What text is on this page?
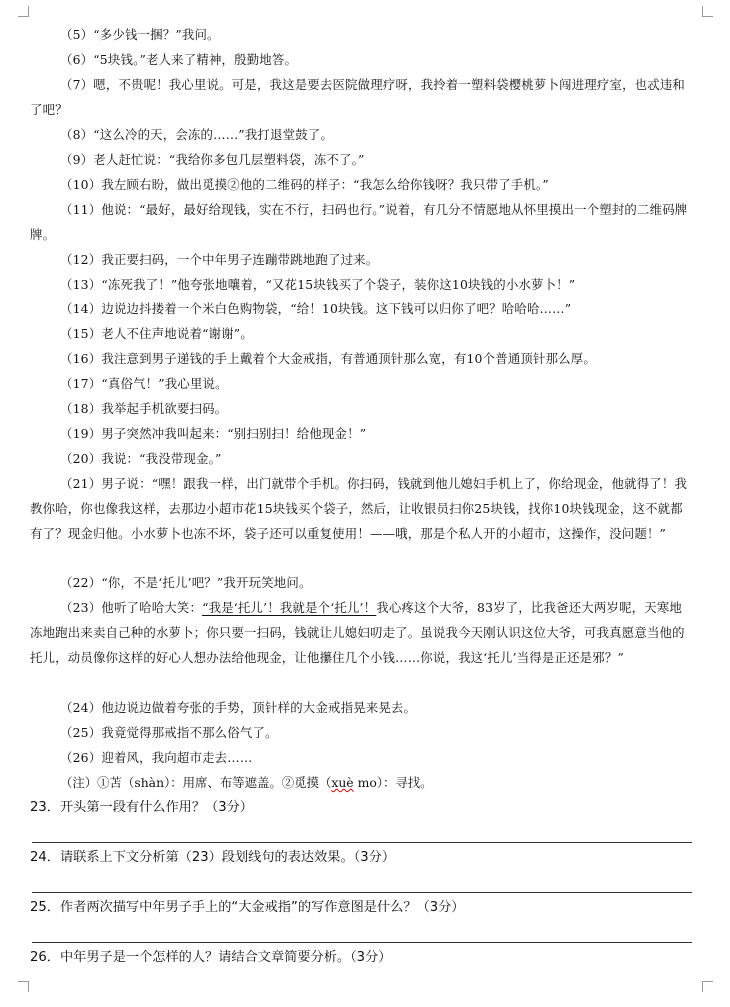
（5）“多少钱一捆？”我问。
（6）“5块钱。”老人来了精神，殷勤地答。
（7）嗯，不贵呢！我心里说。可是，我这是要去医院做理疗呀，我拎着一塑料袋樱桃萝卜闯进理疗室，也忒违和了吧？
（8）“这么冷的天，会冻的……”我打退堂鼓了。
（9）老人赶忙说：“我给你多包几层塑料袋，冻不了。”
（10）我左顾右盼，做出觅摸②他的二维码的样子：“我怎么给你钱呀？我只带了手机。”
（11）他说：“最好，最好给现钱，实在不行，扫码也行。”说着，有几分不情愿地从怀里摸出一个塑封的二维码牌牌。
（12）我正要扫码，一个中年男子连蹦带跳地跑了过来。
（13）“冻死我了！”他夸张地嚷着，“又花15块钱买了个袋子，装你这10块钱的小水萝卜！”
（14）边说边抖搂着一个米白色购物袋，“给！10块钱。这下钱可以归你了吧？哈哈哈……”
（15）老人不住声地说着“谢谢”。
（16）我注意到男子递钱的手上戴着个大金戒指，有普通顶针那么宽，有10个普通顶针那么厚。
（17）“真俗气！”我心里说。
（18）我举起手机欲要扫码。
（19）男子突然冲我叫起来：“别扫别扫！给他现金！”
（20）我说：“我没带现金。”
（21）男子说：“嘿！跟我一样，出门就带个手机。你扫码，钱就到他儿媳妇手机上了，你给现金，他就得了！我教你哈，你也像我这样，去那边小超市花15块钱买个袋子，然后，让收银员扫你25块钱，找你10块钱现金，这不就都有了？现金归他。小水萝卜也冻不坏，袋子还可以重复使用！——哦，那是个私人开的小超市，这操作，没问题！”
（22）“你，不是‘托儿’吧？”我开玩笑地问。
（23）他听了哈哈大笑：“我是‘托儿’！我就是个‘托儿’！我心疼这个大爷，83岁了，比我爸还大两岁呢，天寒地冻地跑出来卖自己种的水萝卜；你只要一扫码，钱就让儿媳妇叨走了。虽说我今天刚认识这位大爷，可我真愿意当他的托儿，动员像你这样的好心人想办法给他现金，让他攥住几个小钱……你说，我这‘托儿’当得是正还是邪？”
（24）他边说边做着夸张的手势，顶针样的大金戒指晃来晃去。
（25）我竟觉得那戒指不那么俗气了。
（26）迎着风，我向超市走去……
（注）①苫（shàn）：用席、布等遮盖。②觅摸（xuè mo）：寻找。
23．开头第一段有什么作用？（3分）
24．请联系上下文分析第（23）段划线句的表达效果。（3分）
25．作者两次描写中年男子手上的“大金戒指”的写作意图是什么？（3分）
26．中年男子是一个怎样的人？请结合文章简要分析。（3分）
